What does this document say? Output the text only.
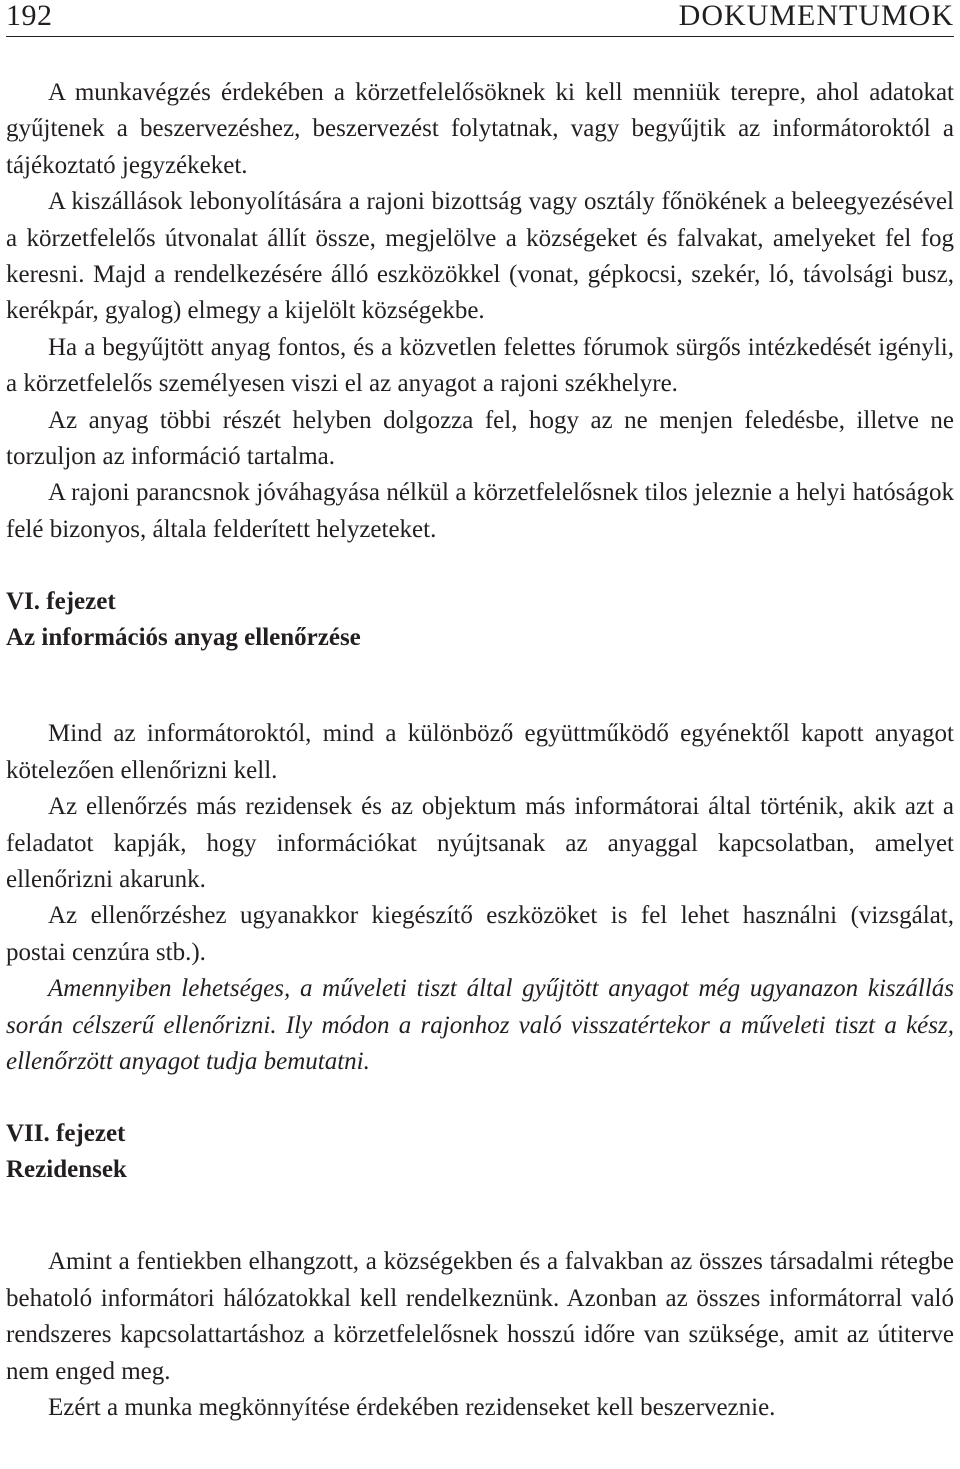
192	DOKUMENTUMOK

A munkavégzés érdekében a körzetfelelősöknek ki kell menniük terepre, ahol adatokat gyűjtenek a beszervezéshez, beszervezést folytatnak, vagy begyűjtik az informátoroktól a tájékoztató jegyzékeket.

A kiszállások lebonyolítására a rajoni bizottság vagy osztály főnökének a beleegyezésével a körzetfelelős útvonalat állít össze, megjelölve a községeket és falvakat, amelyeket fel fog keresni. Majd a rendelkezésére álló eszközökkel (vonat, gépkocsi, szekér, ló, távolsági busz, kerékpár, gyalog) elmegy a kijelölt községekbe.

Ha a begyűjtött anyag fontos, és a közvetlen felettes fórumok sürgős intézkedését igényli, a körzetfelelős személyesen viszi el az anyagot a rajoni székhelyre.

Az anyag többi részét helyben dolgozza fel, hogy az ne menjen feledésbe, illetve ne torzuljon az információ tartalma.

A rajoni parancsnok jóváhagyása nélkül a körzetfelelősnek tilos jeleznie a helyi hatóságok felé bizonyos, általa felderített helyzeteket.

VI. fejezet
Az információs anyag ellenőrzése

Mind az informátoroktól, mind a különböző együttműködő egyénektől kapott anyagot kötelezően ellenőrizni kell.

Az ellenőrzés más rezidensek és az objektum más informátorai által történik, akik azt a feladatot kapják, hogy információkat nyújtsanak az anyaggal kapcsolatban, amelyet ellenőrizni akarunk.

Az ellenőrzéshez ugyanakkor kiegészítő eszközöket is fel lehet használni (vizsgálat, postai cenzúra stb.).

Amennyiben lehetséges, a műveleti tiszt által gyűjtött anyagot még ugyanazon kiszállás során célszerű ellenőrizni. Ily módon a rajonhoz való visszatértekor a műveleti tiszt a kész, ellenőrzött anyagot tudja bemutatni.

VII. fejezet
Rezidensek

Amint a fentiekben elhangzott, a községekben és a falvakban az összes társadalmi rétegbe behatoló informátori hálózatokkal kell rendelkeznünk. Azonban az összes informátorral való rendszeres kapcsolattartáshoz a körzetfelelősnek hosszú időre van szüksége, amit az útiterve nem enged meg.

Ezért a munka megkönnyítése érdekében rezidenseket kell beszerveznie.
